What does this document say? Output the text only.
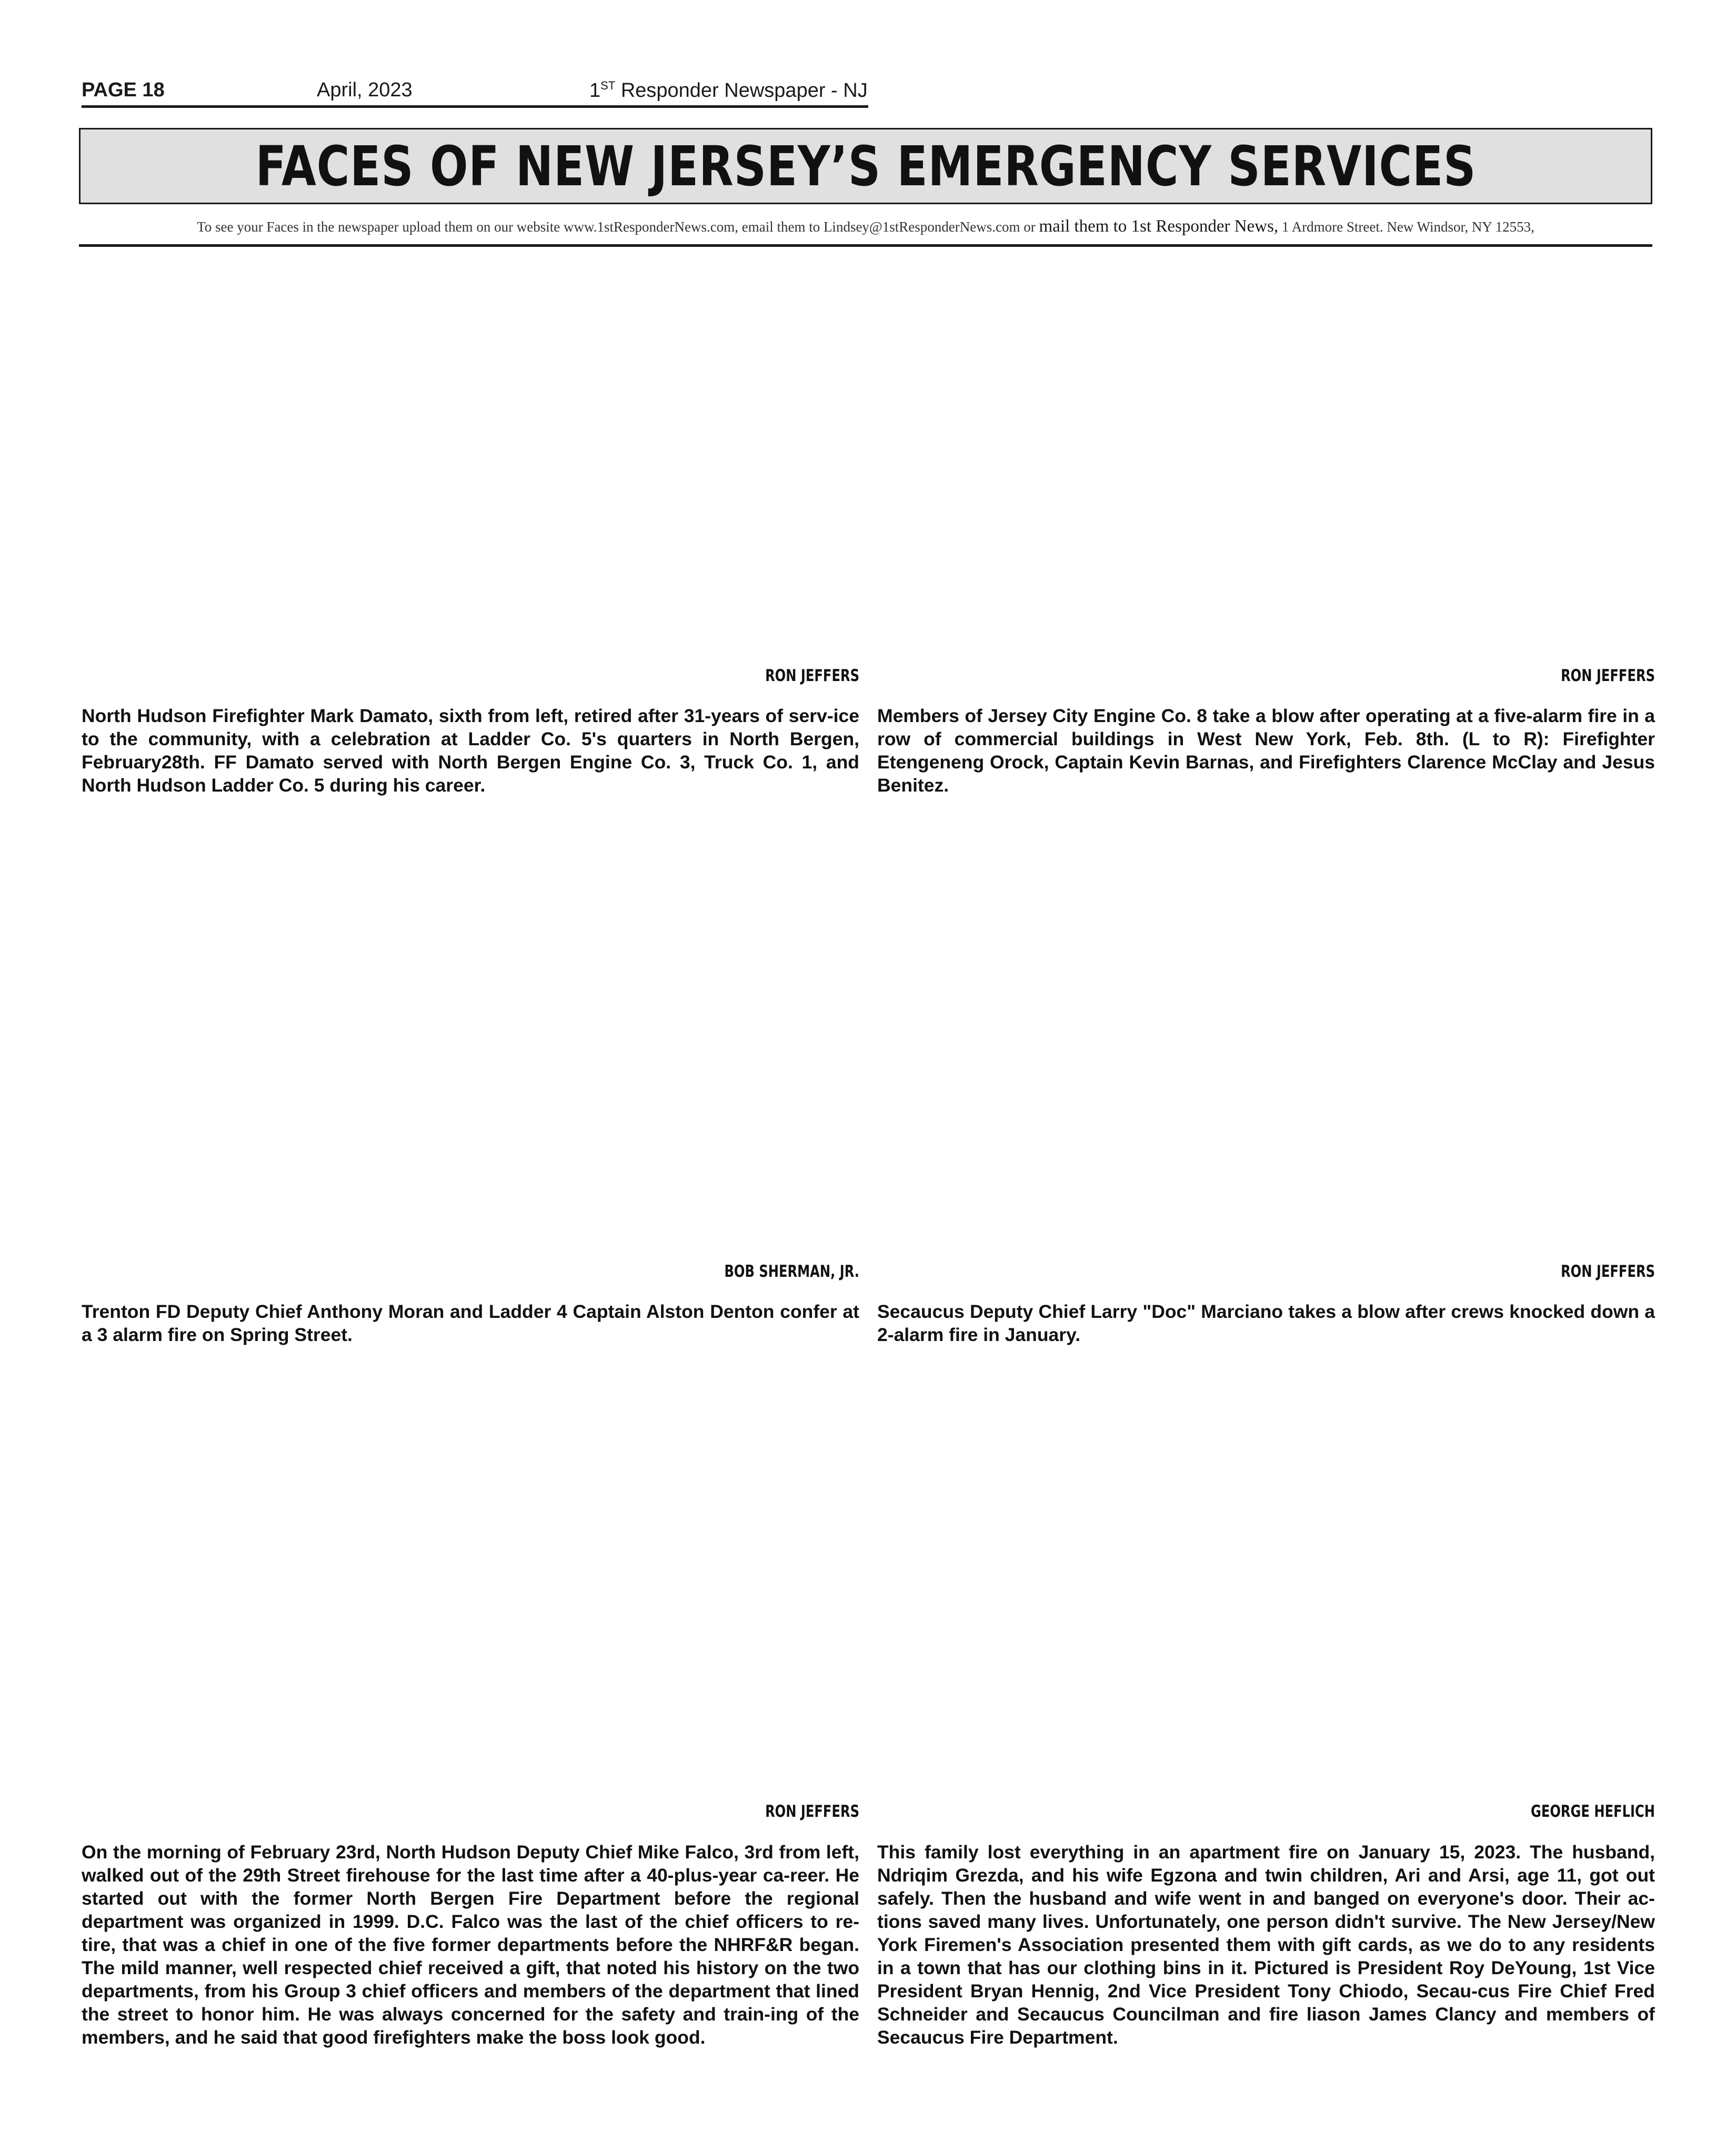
PAGE 18	April, 2023	1ST Responder Newspaper - NJ
FACES OF NEW JERSEY’S EMERGENCY SERVICES
To see your Faces in the newspaper upload them on our website www.1stResponderNews.com, email them to Lindsey@1stResponderNews.com or mail them to 1st Responder News, 1 Ardmore Street. New Windsor, NY 12553,
RON JEFFERS

North Hudson Firefighter Mark Damato, sixth from left, retired after 31-years of serv-ice to the community, with a celebration at Ladder Co. 5's quarters in North Bergen, February28th. FF Damato served with North Bergen Engine Co. 3, Truck Co. 1, and North Hudson Ladder Co. 5 during his career.

RON JEFFERS

Members of Jersey City Engine Co. 8 take a blow after operating at a five-alarm fire in a row of commercial buildings in West New York, Feb. 8th. (L to R): Firefighter Etengeneng Orock, Captain Kevin Barnas, and Firefighters Clarence McClay and Jesus Benitez.

BOB SHERMAN, JR.

Trenton FD Deputy Chief Anthony Moran and Ladder 4 Captain Alston Denton confer at a 3 alarm fire on Spring Street.

RON JEFFERS

Secaucus Deputy Chief Larry "Doc" Marciano takes a blow after crews knocked down a 2-alarm fire in January.

RON JEFFERS

On the morning of February 23rd, North Hudson Deputy Chief Mike Falco, 3rd from left, walked out of the 29th Street firehouse for the last time after a 40-plus-year ca-reer. He started out with the former North Bergen Fire Department before the regional department was organized in 1999. D.C. Falco was the last of the chief officers to re-tire, that was a chief in one of the five former departments before the NHRF&R began. The mild manner, well respected chief received a gift, that noted his history on the two departments, from his Group 3 chief officers and members of the department that lined the street to honor him. He was always concerned for the safety and train-ing of the members, and he said that good firefighters make the boss look good.

GEORGE HEFLICH

This family lost everything in an apartment fire on January 15, 2023. The husband, Ndriqim Grezda, and his wife Egzona and twin children, Ari and Arsi, age 11, got out safely. Then the husband and wife went in and banged on everyone's door. Their ac-tions saved many lives. Unfortunately, one person didn't survive. The New Jersey/New York Firemen's Association presented them with gift cards, as we do to any residents in a town that has our clothing bins in it. Pictured is President Roy DeYoung, 1st Vice President Bryan Hennig, 2nd Vice President Tony Chiodo, Secau-cus Fire Chief Fred Schneider and Secaucus Councilman and fire liason James Clancy and members of Secaucus Fire Department.
